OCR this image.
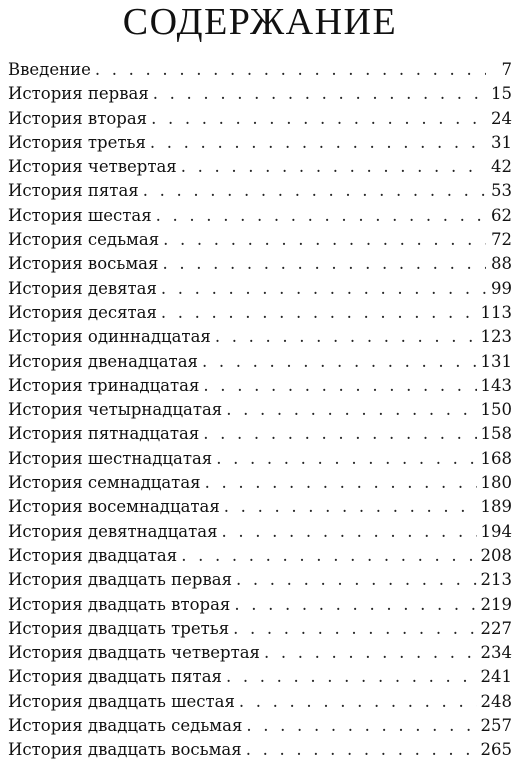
СОДЕРЖАНИЕ
Введение . . .	7
История первая . . .	15
История вторая . . .	24
История третья . . .	31
История четвертая . . .	42
История пятая . . .	53
История шестая . . .	62
История седьмая . . .	72
История восьмая . . .	88
История девятая . . .	99
История десятая . . .	113
История одиннадцатая . . .	123
История двенадцатая . . .	131
История тринадцатая . . .	143
История четырнадцатая . . .	150
История пятнадцатая . . .	158
История шестнадцатая . . .	168
История семнадцатая . . .	180
История восемнадцатая . . .	189
История девятнадцатая . . .	194
История двадцатая . . .	208
История двадцать первая . . .	213
История двадцать вторая . . .	219
История двадцать третья . . .	227
История двадцать четвертая . . .	234
История двадцать пятая . . .	241
История двадцать шестая . . .	248
История двадцать седьмая . . .	257
История двадцать восьмая . . .	265
